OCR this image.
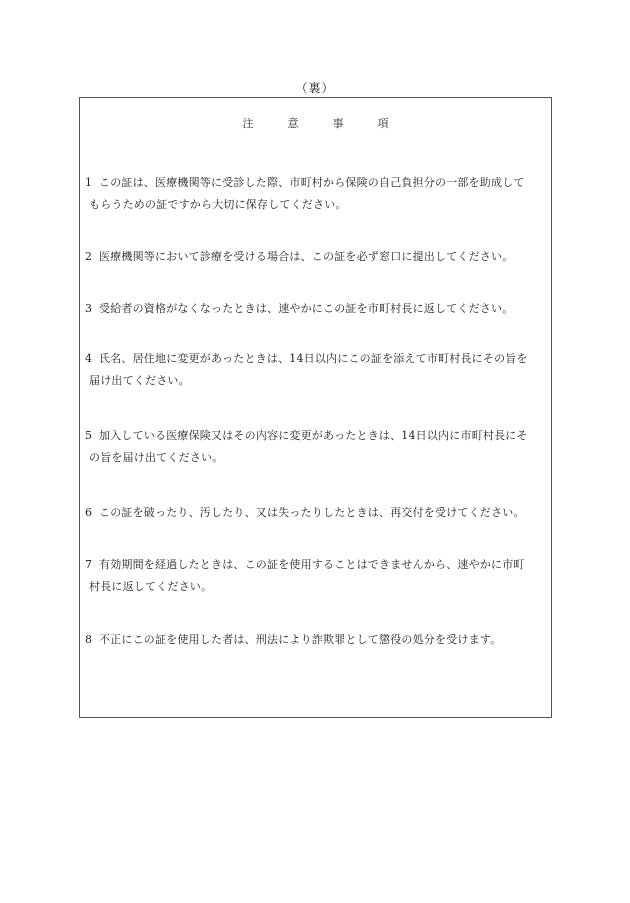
（裏）
注	意	事	項
1 この証は、医療機関等に受診した際、市町村から保険の自己負担分の一部を助成して
もらうための証ですから大切に保存してください。
2 医療機関等において診療を受ける場合は、この証を必ず窓口に提出してください。
3 受給者の資格がなくなったときは、速やかにこの証を市町村長に返してください。
4 氏名、居住地に変更があったときは、14日以内にこの証を添えて市町村長にその旨を
届け出てください。
5 加入している医療保険又はその内容に変更があったときは、14日以内に市町村長にそ
の旨を届け出てください。
6 この証を破ったり、汚したり、又は失ったりしたときは、再交付を受けてください。
7 有効期間を経過したときは、この証を使用することはできませんから、速やかに市町
村長に返してください。
8 不正にこの証を使用した者は、刑法により詐欺罪として懲役の処分を受けます。
